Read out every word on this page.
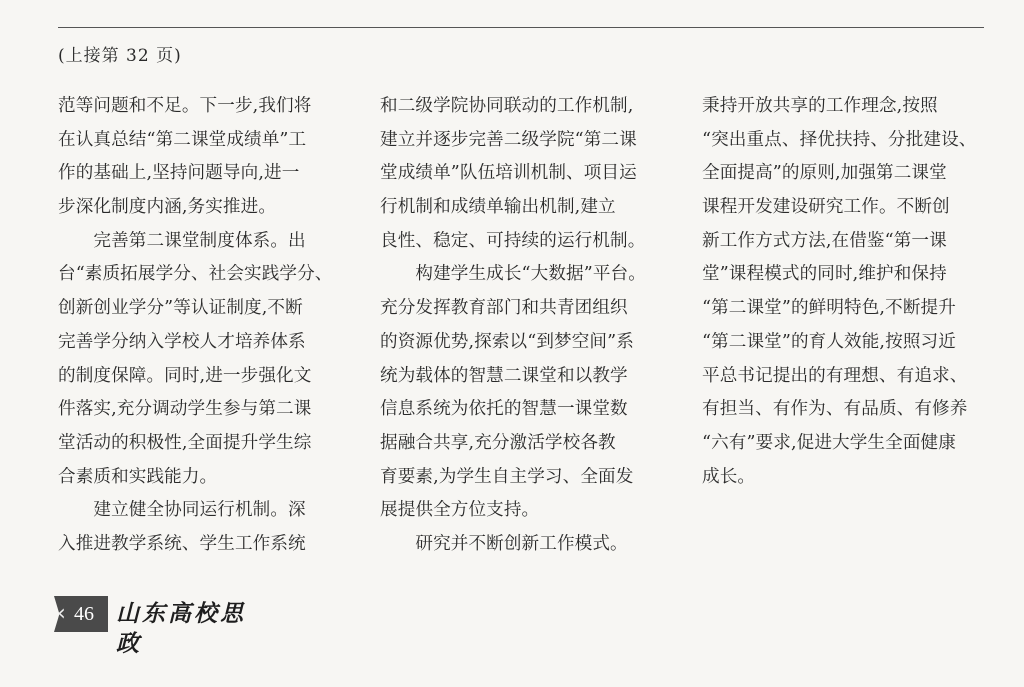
(上接第 32 页)
范等问题和不足。下一步,我们将
在认真总结“第二课堂成绩单”工
作的基础上,坚持问题导向,进一
步深化制度内涵,务实推进。
　　完善第二课堂制度体系。出
台“素质拓展学分、社会实践学分、
创新创业学分”等认证制度,不断
完善学分纳入学校人才培养体系
的制度保障。同时,进一步强化文
件落实,充分调动学生参与第二课
堂活动的积极性,全面提升学生综
合素质和实践能力。
　　建立健全协同运行机制。深
入推进教学系统、学生工作系统
和二级学院协同联动的工作机制,
建立并逐步完善二级学院“第二课
堂成绩单”队伍培训机制、项目运
行机制和成绩单输出机制,建立
良性、稳定、可持续的运行机制。
　　构建学生成长“大数据”平台。
充分发挥教育部门和共青团组织
的资源优势,探索以“到梦空间”系
统为载体的智慧二课堂和以教学
信息系统为依托的智慧一课堂数
据融合共享,充分激活学校各教
育要素,为学生自主学习、全面发
展提供全方位支持。
　　研究并不断创新工作模式。
秉持开放共享的工作理念,按照
“突出重点、择优扶持、分批建设、
全面提高”的原则,加强第二课堂
课程开发建设研究工作。不断创
新工作方式方法,在借鉴“第一课
堂”课程模式的同时,维护和保持
“第二课堂”的鲜明特色,不断提升
“第二课堂”的育人效能,按照习近
平总书记提出的有理想、有追求、
有担当、有作为、有品质、有修养
“六有”要求,促进大学生全面健康
成长。
‹ 46 山东高校思政
